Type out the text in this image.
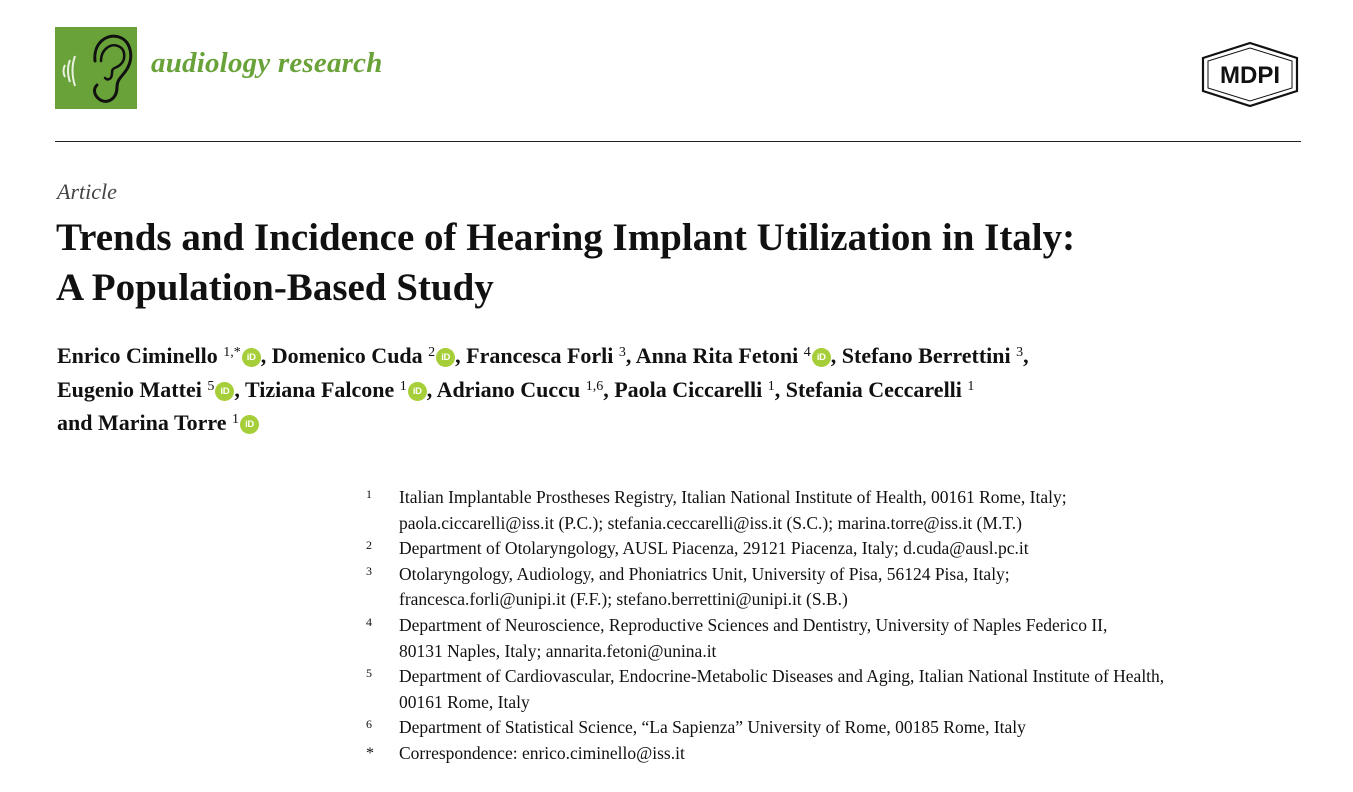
audiology research	MDPI
Article
Trends and Incidence of Hearing Implant Utilization in Italy:
A Population-Based Study
Enrico Ciminello $^{1,*}$ iD , Domenico Cuda $^2$ iD , Francesca Forli $^3$, Anna Rita Fetoni $^4$ iD , Stefano Berrettini $^3$,
Eugenio Mattei $^5$ iD , Tiziana Falcone $^1$ iD , Adriano Cuccu $^{1,6}$, Paola Ciccarelli $^1$, Stefania Ceccarelli $^1$
and Marina Torre $^1$ iD
1 Italian Implantable Prostheses Registry, Italian National Institute of Health, 00161 Rome, Italy;
paola.ciccarelli@iss.it (P.C.); stefania.ceccarelli@iss.it (S.C.); marina.torre@iss.it (M.T.)
2 Department of Otolaryngology, AUSL Piacenza, 29121 Piacenza, Italy; d.cuda@ausl.pc.it
3 Otolaryngology, Audiology, and Phoniatrics Unit, University of Pisa, 56124 Pisa, Italy;
francesca.forli@unipi.it (F.F.); stefano.berrettini@unipi.it (S.B.)
4 Department of Neuroscience, Reproductive Sciences and Dentistry, University of Naples Federico II,
80131 Naples, Italy; annarita.fetoni@unina.it
5 Department of Cardiovascular, Endocrine-Metabolic Diseases and Aging, Italian National Institute of Health,
00161 Rome, Italy
6 Department of Statistical Science, “La Sapienza” University of Rome, 00185 Rome, Italy
* Correspondence: enrico.ciminello@iss.it
